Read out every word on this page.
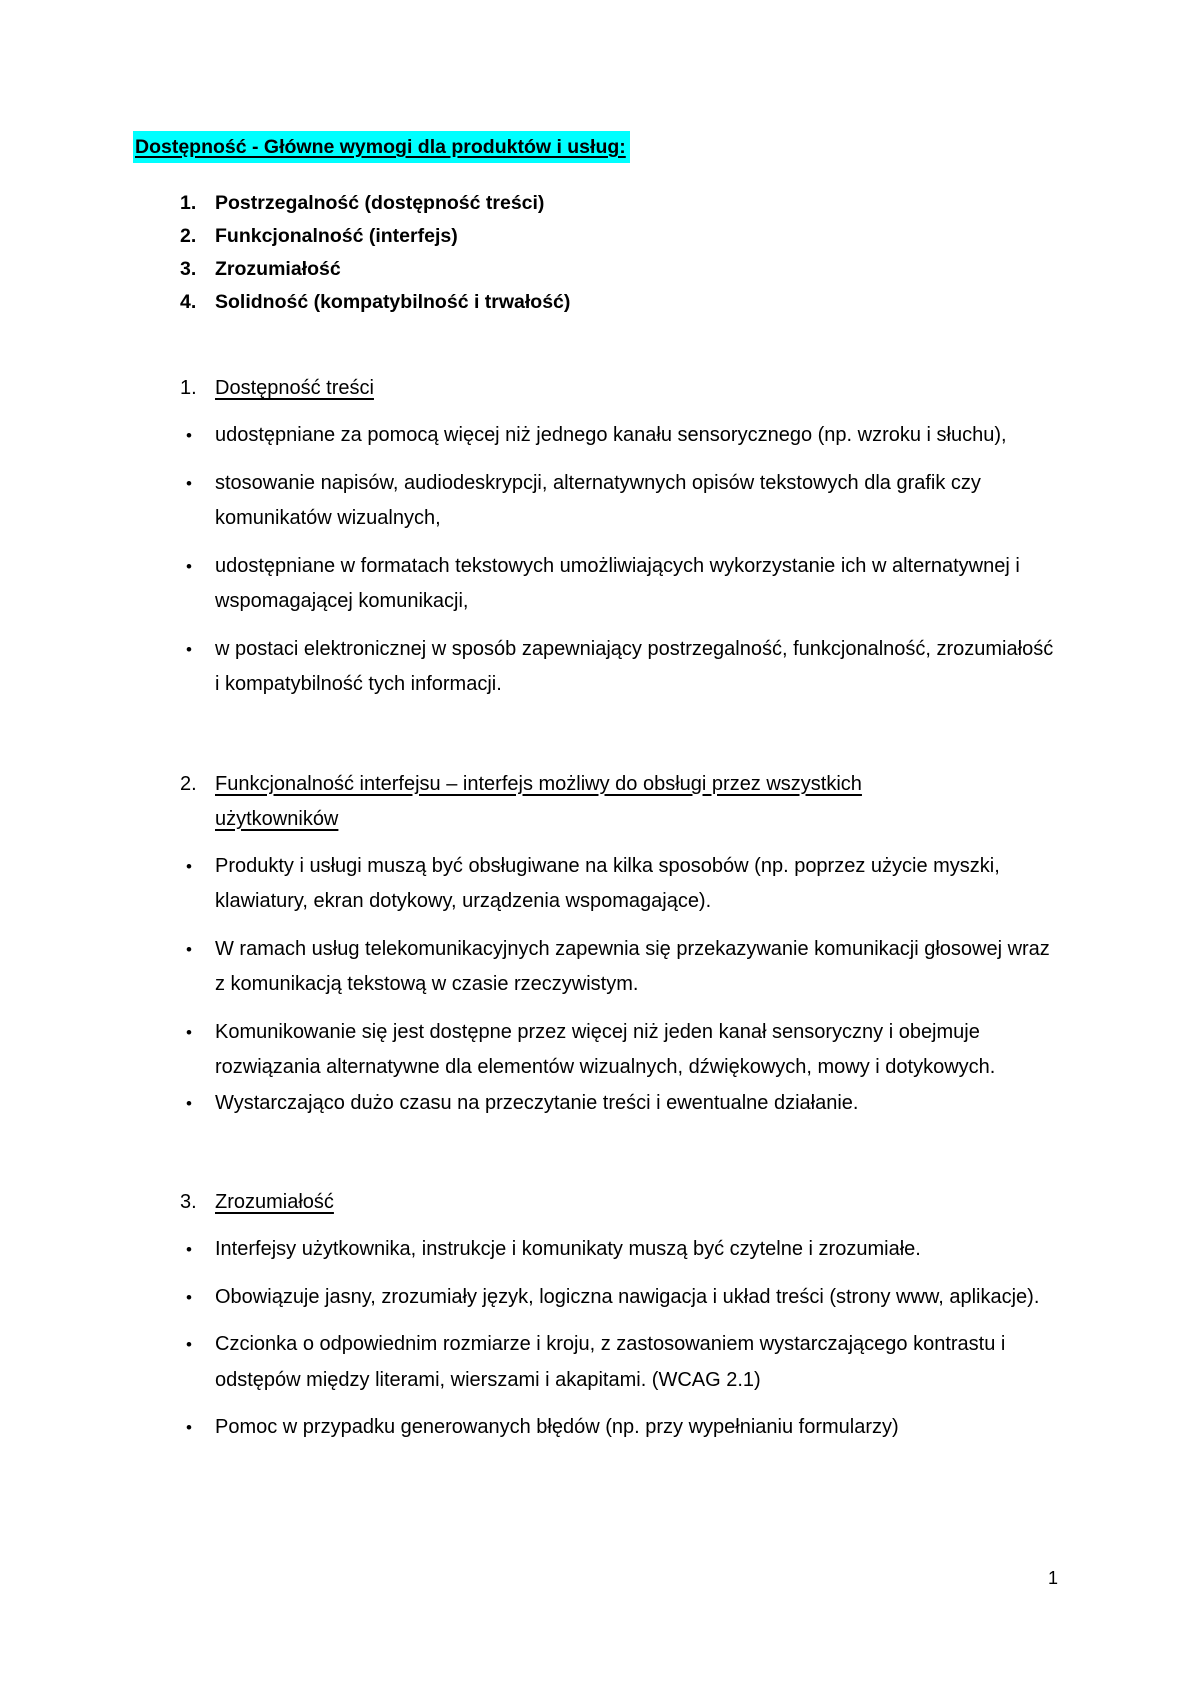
Dostępność - Główne wymogi dla produktów i usług:
1. Postrzegalność (dostępność treści)
2. Funkcjonalność (interfejs)
3. Zrozumiałość
4. Solidność (kompatybilność i trwałość)
1. Dostępność treści
•	udostępniane za pomocą więcej niż jednego kanału sensorycznego (np. wzroku i słuchu),
•	stosowanie napisów, audiodeskrypcji, alternatywnych opisów tekstowych dla grafik czy komunikatów wizualnych,
•	udostępniane w formatach tekstowych umożliwiających wykorzystanie ich w alternatywnej i wspomagającej komunikacji,
•	w postaci elektronicznej w sposób zapewniający postrzegalność, funkcjonalność, zrozumiałość i kompatybilność tych informacji.
2. Funkcjonalność interfejsu – interfejs możliwy do obsługi przez wszystkich użytkowników
•	Produkty i usługi muszą być obsługiwane na kilka sposobów (np. poprzez użycie myszki, klawiatury, ekran dotykowy, urządzenia wspomagające).
•	W ramach usług telekomunikacyjnych zapewnia się przekazywanie komunikacji głosowej wraz z komunikacją tekstową w czasie rzeczywistym.
•	Komunikowanie się jest dostępne przez więcej niż jeden kanał sensoryczny i obejmuje rozwiązania alternatywne dla elementów wizualnych, dźwiękowych, mowy i dotykowych.
•	Wystarczająco dużo czasu na przeczytanie treści i ewentualne działanie.
3. Zrozumiałość
•	Interfejsy użytkownika, instrukcje i komunikaty muszą być czytelne i zrozumiałe.
•	Obowiązuje jasny, zrozumiały język, logiczna nawigacja i układ treści (strony www, aplikacje).
•	Czcionka o odpowiednim rozmiarze i kroju, z zastosowaniem wystarczającego kontrastu i odstępów między literami, wierszami i akapitami. (WCAG 2.1)
•	Pomoc w przypadku generowanych błędów (np. przy wypełnianiu formularzy)
1
